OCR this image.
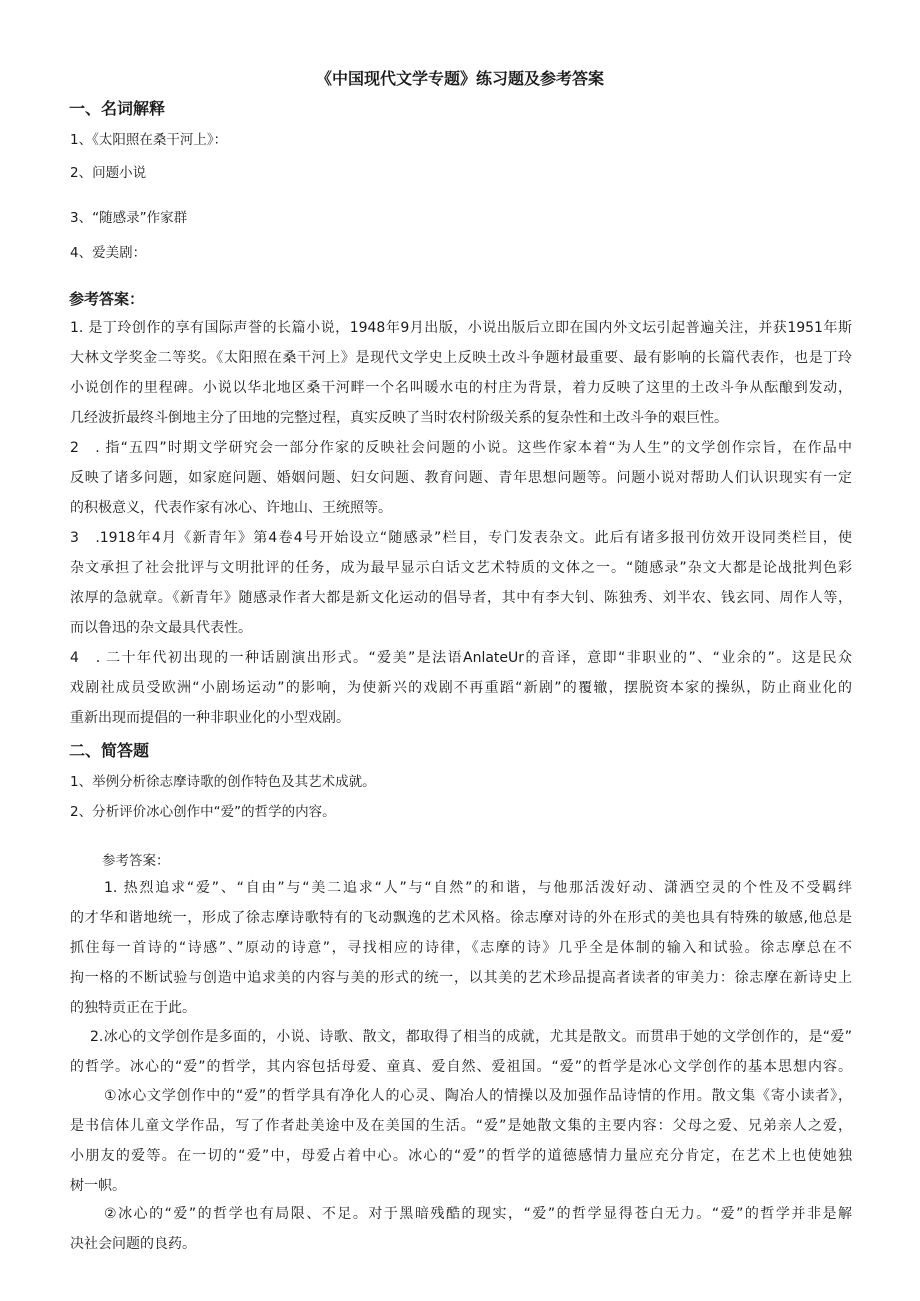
《中国现代文学专题》练习题及参考答案
一、名词解释

1、《太阳照在桑干河上》：

2、问题小说

3、“随感录”作家群

4、爱美剧：

参考答案：
1. 是丁玲创作的享有国际声誉的长篇小说，1948年9月出版，小说出版后立即在国内外文坛引起普遍关注，并获1951年斯
大林文学奖金二等奖。《太阳照在桑干河上》是现代文学史上反映土改斗争题材最重要、最有影响的长篇代表作，也是丁玲
小说创作的里程碑。小说以华北地区桑干河畔一个名叫暖水屯的村庄为背景，着力反映了这里的土改斗争从酝酿到发动，
几经波折最终斗倒地主分了田地的完整过程，真实反映了当时农村阶级关系的复杂性和土改斗争的艰巨性。
2　. 指“五四”时期文学研究会一部分作家的反映社会问题的小说。这些作家本着“为人生”的文学创作宗旨，在作品中
反映了诸多问题，如家庭问题、婚姻问题、妇女问题、教育问题、青年思想问题等。问题小说对帮助人们认识现实有一定
的积极意义，代表作家有冰心、许地山、王统照等。
3　.1918年4月《新青年》第4卷4号开始设立“随感录”栏目，专门发表杂文。此后有诸多报刊仿效开设同类栏目，使
杂文承担了社会批评与文明批评的任务，成为最早显示白话文艺术特质的文体之一。“随感录”杂文大都是论战批判色彩
浓厚的急就章。《新青年》随感录作者大都是新文化运动的倡导者，其中有李大钊、陈独秀、刘半农、钱玄同、周作人等，
而以鲁迅的杂文最具代表性。
4　. 二十年代初出现的一种话剧演出形式。“爱美”是法语AnlateUr的音译，意即“非职业的”、“业余的”。这是民众
戏剧社成员受欧洲“小剧场运动”的影响，为使新兴的戏剧不再重蹈“新剧”的覆辙，摆脱资本家的操纵，防止商业化的
重新出现而提倡的一种非职业化的小型戏剧。
二、简答题

1、举例分析徐志摩诗歌的创作特色及其艺术成就。

2、分析评价冰心创作中“爱”的哲学的内容。

参考答案：

1. 热烈追求“爱”、“自由”与“美二追求“人”与“自然”的和谐，与他那活泼好动、潇洒空灵的个性及不受羁绊
的才华和谐地统一，形成了徐志摩诗歌特有的飞动飘逸的艺术风格。徐志摩对诗的外在形式的美也具有特殊的敏感,他总是
抓住每一首诗的“诗感”、”原动的诗意”，寻找相应的诗律，《志摩的诗》几乎全是体制的输入和试验。徐志摩总在不
拘一格的不断试验与创造中追求美的内容与美的形式的统一，以其美的艺术珍品提高者读者的审美力：徐志摩在新诗史上
的独特贡正在于此。
2.冰心的文学创作是多面的，小说、诗歌、散文，都取得了相当的成就，尤其是散文。而贯串于她的文学创作的，是“爱”
的哲学。冰心的“爱”的哲学，其内容包括母爱、童真、爱自然、爱祖国。“爱”的哲学是冰心文学创作的基本思想内容。
①冰心文学创作中的“爱”的哲学具有净化人的心灵、陶冶人的情操以及加强作品诗情的作用。散文集《寄小读者》，
是书信体儿童文学作品，写了作者赴美途中及在美国的生活。“爱”是她散文集的主要内容：父母之爱、兄弟亲人之爱，
小朋友的爱等。在一切的“爱”中，母爱占着中心。冰心的“爱”的哲学的道德感情力量应充分肯定，在艺术上也使她独
树一帜。
②冰心的“爱”的哲学也有局限、不足。对于黑暗残酷的现实，“爱”的哲学显得苍白无力。“爱”的哲学并非是解
决社会问题的良药。
